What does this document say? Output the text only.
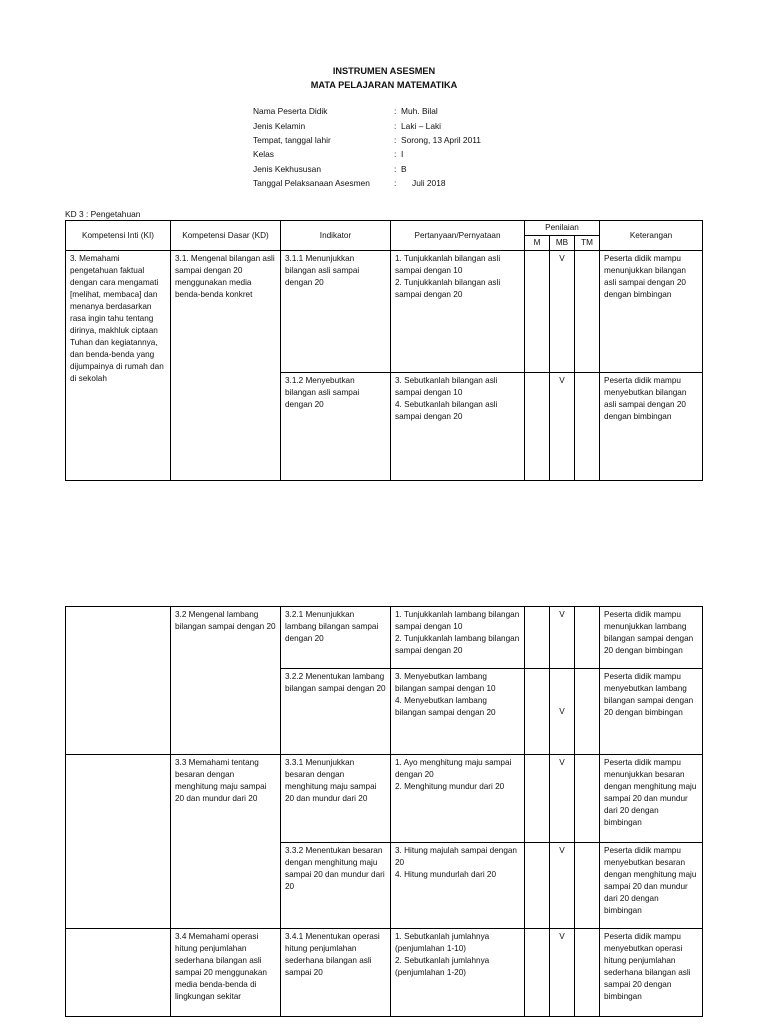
INSTRUMEN ASESMEN
MATA PELAJARAN MATEMATIKA
Nama Peserta Didik	: Muh. Bilal
Jenis Kelamin	: Laki – Laki
Tempat, tanggal lahir	: Sorong, 13 April 2011
Kelas	: I
Jenis Kekhususan	: B
Tanggal Pelaksanaan Asesmen	: Juli 2018
KD 3 : Pengetahuan
Kompetensi Inti (KI)	Kompetensi Dasar (KD)	Indikator	Pertanyaan/Pernyataan	Penilaian			Keterangan
				M	MB	TM	
3. Memahami pengetahuan faktual dengan cara mengamati [melihat, membaca] dan menanya berdasarkan rasa ingin tahu tentang dirinya, makhluk ciptaan Tuhan dan kegiatannya, dan benda-benda yang dijumpainya di rumah dan di sekolah	3.1. Mengenal bilangan asli sampai dengan 20 menggunakan media benda-benda konkret	3.1.1 Menunjukkan bilangan asli sampai dengan 20	1. Tunjukkanlah bilangan asli sampai dengan 10
2. Tunjukkanlah bilangan asli sampai dengan 20		V		Peserta didik mampu menunjukkan bilangan asli sampai dengan 20 dengan bimbingan
		3.1.2 Menyebutkan bilangan asli sampai dengan 20	3. Sebutkanlah bilangan asli sampai dengan 10
4. Sebutkanlah bilangan asli sampai dengan 20		V		Peserta didik mampu menyebutkan bilangan asli sampai dengan 20 dengan bimbingan
	3.2 Mengenal lambang bilangan sampai dengan 20	3.2.1 Menunjukkan lambang bilangan sampai dengan 20	1. Tunjukkanlah lambang bilangan sampai dengan 10
2. Tunjukkanlah lambang bilangan sampai dengan 20		V		Peserta didik mampu menunjukkan lambang bilangan sampai dengan 20 dengan bimbingan
		3.2.2 Menentukan lambang bilangan sampai dengan 20	3. Menyebutkan lambang bilangan sampai dengan 10
4. Menyebutkan lambang bilangan sampai dengan 20		V		Peserta didik mampu menyebutkan lambang bilangan sampai dengan 20 dengan bimbingan
	3.3 Memahami tentang besaran dengan menghitung maju sampai 20 dan mundur dari 20	3.3.1 Menunjukkan besaran dengan menghitung maju sampai 20 dan mundur dari 20	1. Ayo menghitung maju sampai dengan 20
2. Menghitung mundur dari 20		V		Peserta didik mampu menunjukkan besaran dengan menghitung maju sampai 20 dan mundur dari 20 dengan bimbingan
		3.3.2 Menentukan besaran dengan menghitung maju sampai 20 dan mundur dari 20	3. Hitung majulah sampai dengan 20
4. Hitung mundurlah dari 20		V		Peserta didik mampu menyebutkan besaran dengan menghitung maju sampai 20 dan mundur dari 20 dengan bimbingan
	3.4 Memahami operasi hitung penjumlahan sederhana bilangan asli sampai 20 menggunakan media benda-benda di lingkungan sekitar	3.4.1 Menentukan operasi hitung penjumlahan sederhana bilangan asli sampai 20	1. Sebutkanlah jumlahnya (penjumlahan 1-10)
2. Sebutkanlah jumlahnya (penjumlahan 1-20)		V		Peserta didik mampu menyebutkan operasi hitung penjumlahan sederhana bilangan asli sampai 20 dengan bimbingan
